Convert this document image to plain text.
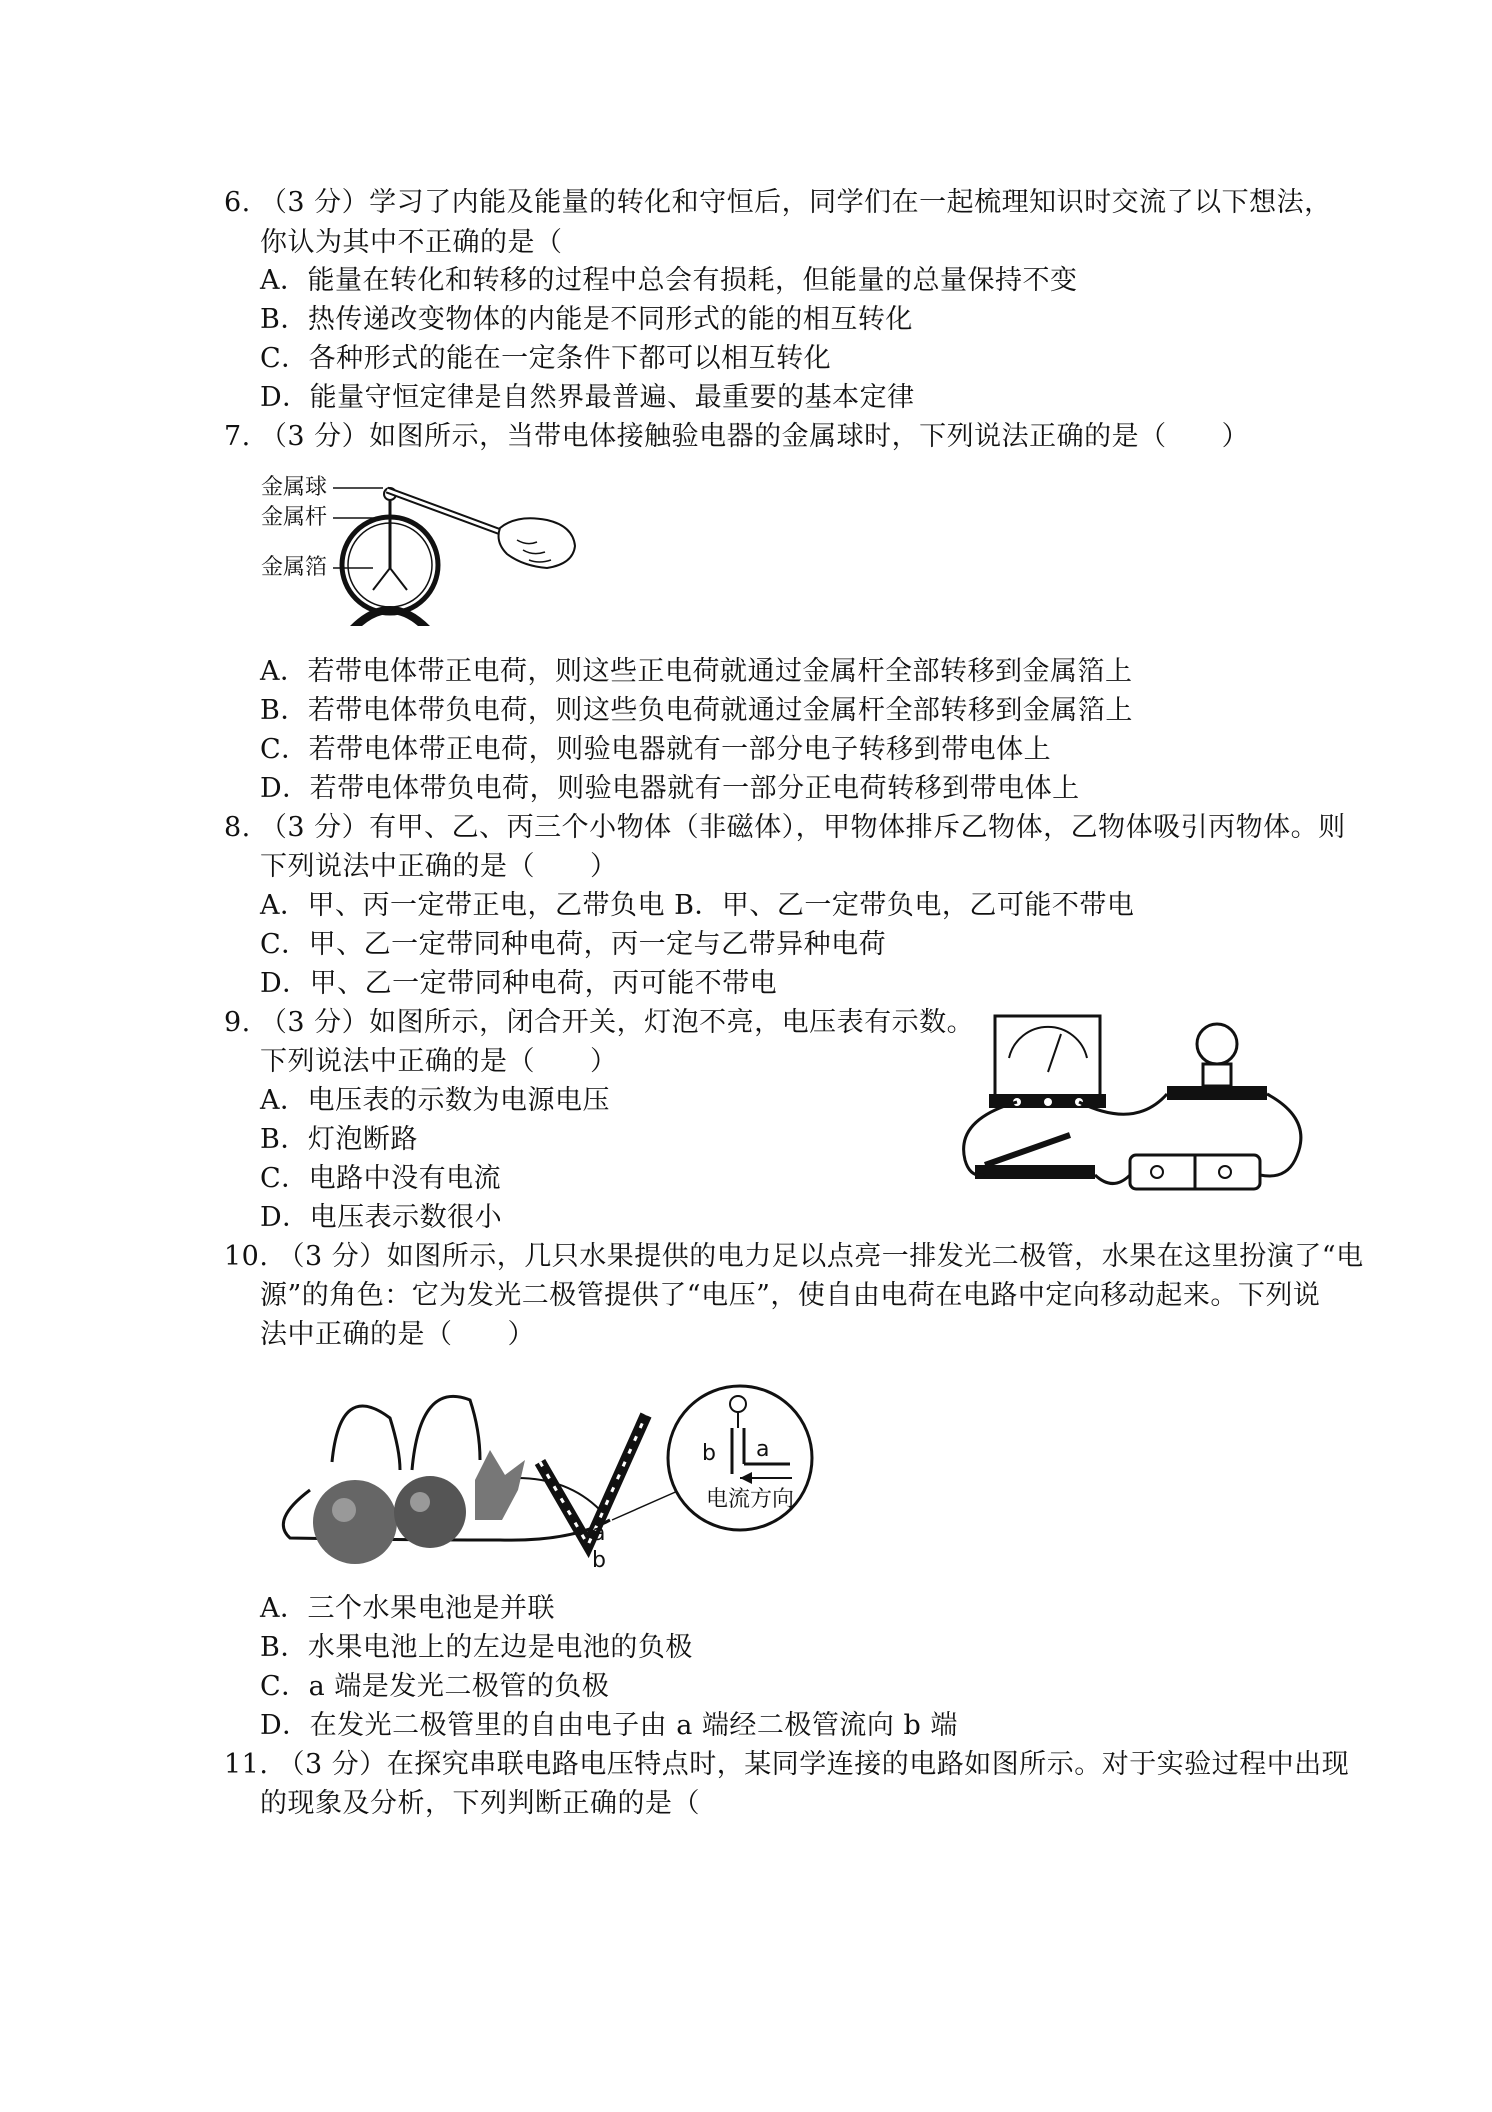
6. （3 分）学习了内能及能量的转化和守恒后，同学们在一起梳理知识时交流了以下想法，
你认为其中不正确的是（
A．能量在转化和转移的过程中总会有损耗，但能量的总量保持不变
B．热传递改变物体的内能是不同形式的能的相互转化
C．各种形式的能在一定条件下都可以相互转化
D．能量守恒定律是自然界最普遍、最重要的基本定律
7. （3 分）如图所示，当带电体接触验电器的金属球时，下列说法正确的是（　　）
金属球
金属杆
金属箔
A．若带电体带正电荷，则这些正电荷就通过金属杆全部转移到金属箔上
B．若带电体带负电荷，则这些负电荷就通过金属杆全部转移到金属箔上
C．若带电体带正电荷，则验电器就有一部分电子转移到带电体上
D．若带电体带负电荷，则验电器就有一部分正电荷转移到带电体上
8. （3 分）有甲、乙、丙三个小物体（非磁体），甲物体排斥乙物体，乙物体吸引丙物体。则
下列说法中正确的是（　　）
A．甲、丙一定带正电，乙带负电 B．甲、乙一定带负电，乙可能不带电
C．甲、乙一定带同种电荷，丙一定与乙带异种电荷
D．甲、乙一定带同种电荷，丙可能不带电
9. （3 分）如图所示，闭合开关，灯泡不亮，电压表有示数。
下列说法中正确的是（　　）
A．电压表的示数为电源电压
B．灯泡断路
C．电路中没有电流
D．电压表示数很小
10. （3 分）如图所示，几只水果提供的电力足以点亮一排发光二极管，水果在这里扮演了“电
源”的角色：它为发光二极管提供了“电压”，使自由电荷在电路中定向移动起来。下列说
法中正确的是（　　）
a
b
b a
电流方向
A．三个水果电池是并联
B．水果电池上的左边是电池的负极
C．a 端是发光二极管的负极
D．在发光二极管里的自由电子由 a 端经二极管流向 b 端
11. （3 分）在探究串联电路电压特点时，某同学连接的电路如图所示。对于实验过程中出现
的现象及分析，下列判断正确的是（
